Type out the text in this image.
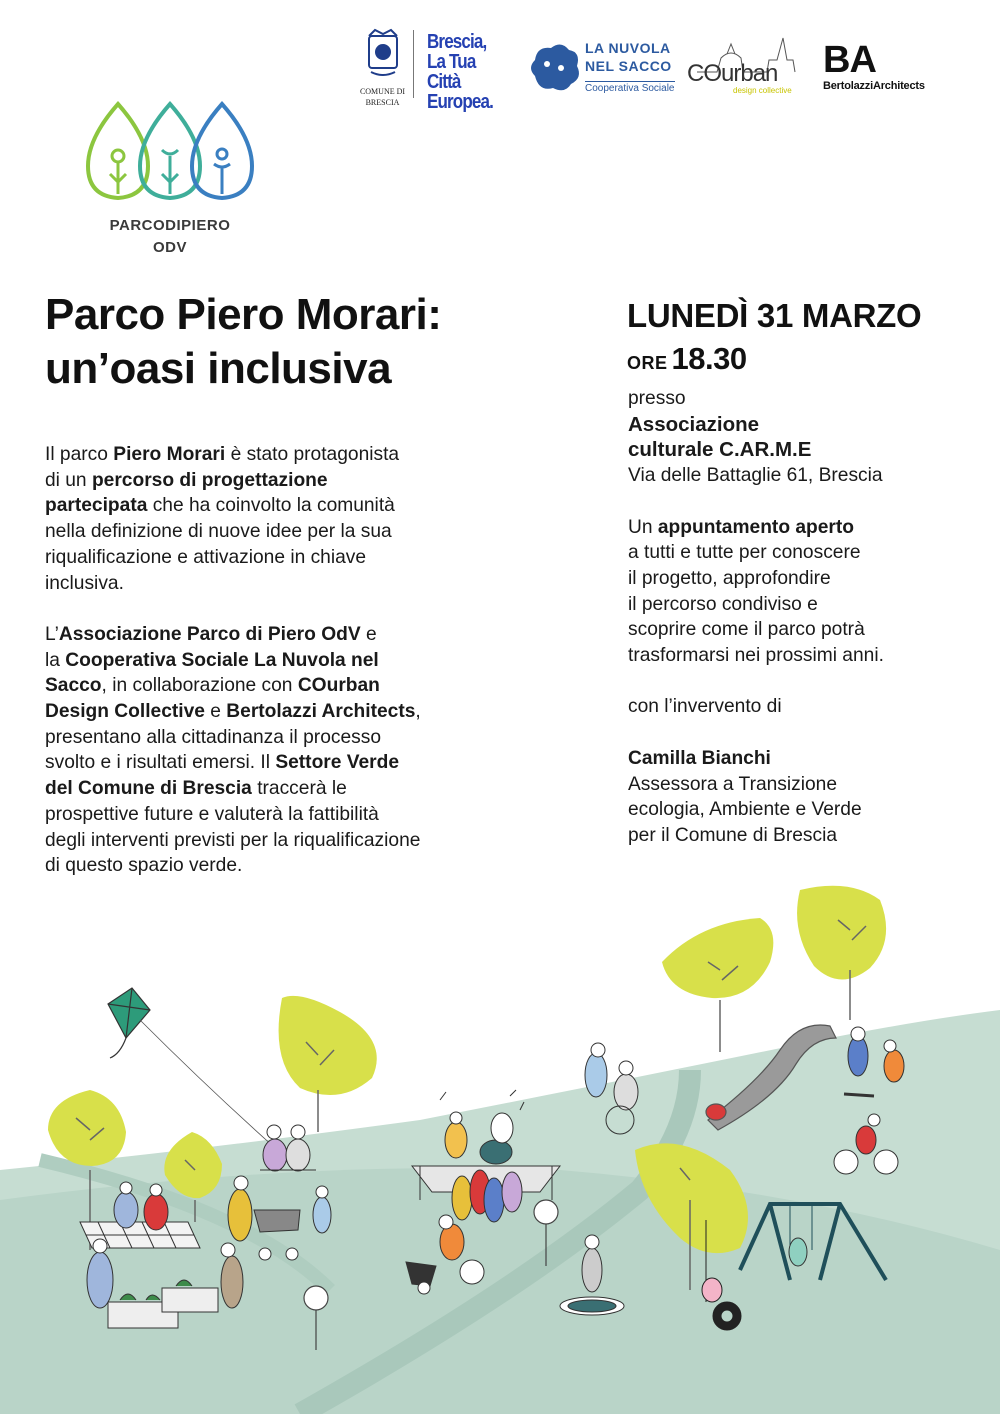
COMUNE DI
BRESCIA
Brescia,
La Tua Città
Europea.
LA NUVOLA
NEL SACCO
Cooperativa Sociale
COurban
design collective
BA
BertolazziArchitects
PARCODIPIERO
ODV
Parco Piero Morari:
un’oasi inclusiva

Il parco Piero Morari è stato protagonista
di un percorso di progettazione
partecipata che ha coinvolto la comunità
nella definizione di nuove idee per la sua
riqualificazione e attivazione in chiave
inclusiva.

L’Associazione Parco di Piero OdV e
la Cooperativa Sociale La Nuvola nel
Sacco, in collaborazione con COurban
Design Collective e Bertolazzi Architects,
presentano alla cittadinanza il processo
svolto e i risultati emersi. Il Settore Verde
del Comune di Brescia traccerà le
prospettive future e valuterà la fattibilità
degli interventi previsti per la riqualificazione
di questo spazio verde.

LUNEDÌ 31 MARZO
ORE 18.30

presso

Associazione

culturale C.AR.M.E

Via delle Battaglie 61, Brescia

Un appuntamento aperto

a tutti e tutte per conoscere

il progetto, approfondire

il percorso condiviso e

scoprire come il parco potrà

trasformarsi nei prossimi anni.

con l’invervento di

Camilla Bianchi

Assessora a Transizione

ecologia, Ambiente e Verde

per il Comune di Brescia
